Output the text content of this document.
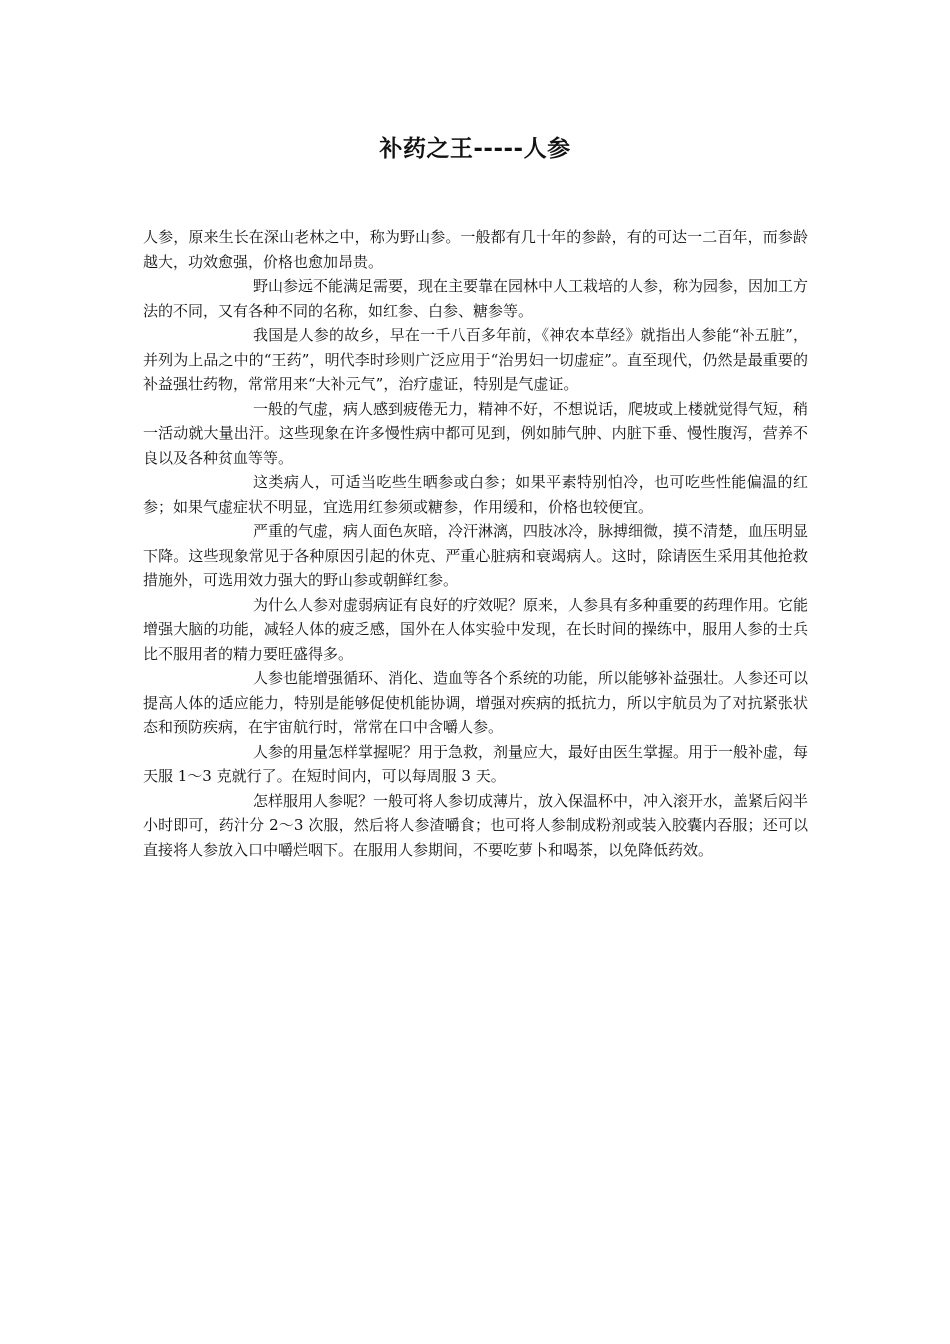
补药之王-----人参

人参，原来生长在深山老林之中，称为野山参。一般都有几十年的参龄，有的可达一二百年，而参龄越大，功效愈强，价格也愈加昂贵。

野山参远不能满足需要，现在主要靠在园林中人工栽培的人参，称为园参，因加工方法的不同，又有各种不同的名称，如红参、白参、糖参等。

我国是人参的故乡，早在一千八百多年前，《神农本草经》就指出人参能“补五脏”，并列为上品之中的“王药”，明代李时珍则广泛应用于“治男妇一切虚症”。直至现代，仍然是最重要的补益强壮药物，常常用来“大补元气”，治疗虚证，特别是气虚证。

一般的气虚，病人感到疲倦无力，精神不好，不想说话，爬坡或上楼就觉得气短，稍一活动就大量出汗。这些现象在许多慢性病中都可见到，例如肺气肿、内脏下垂、慢性腹泻，营养不良以及各种贫血等等。

这类病人，可适当吃些生晒参或白参；如果平素特别怕冷，也可吃些性能偏温的红参；如果气虚症状不明显，宜选用红参须或糖参，作用缓和，价格也较便宜。

严重的气虚，病人面色灰暗，冷汗淋漓，四肢冰冷，脉搏细微，摸不清楚，血压明显下降。这些现象常见于各种原因引起的休克、严重心脏病和衰竭病人。这时，除请医生采用其他抢救措施外，可选用效力强大的野山参或朝鲜红参。

为什么人参对虚弱病证有良好的疗效呢？原来，人参具有多种重要的药理作用。它能增强大脑的功能，减轻人体的疲乏感，国外在人体实验中发现，在长时间的操练中，服用人参的士兵比不服用者的精力要旺盛得多。

人参也能增强循环、消化、造血等各个系统的功能，所以能够补益强壮。人参还可以提高人体的适应能力，特别是能够促使机能协调，增强对疾病的抵抗力，所以宇航员为了对抗紧张状态和预防疾病，在宇宙航行时，常常在口中含嚼人参。

人参的用量怎样掌握呢？用于急救，剂量应大，最好由医生掌握。用于一般补虚，每天服 1～3 克就行了。在短时间内，可以每周服 3 天。

怎样服用人参呢？一般可将人参切成薄片，放入保温杯中，冲入滚开水，盖紧后闷半小时即可，药汁分 2～3 次服，然后将人参渣嚼食；也可将人参制成粉剂或装入胶囊内吞服；还可以直接将人参放入口中嚼烂咽下。在服用人参期间，不要吃萝卜和喝茶，以免降低药效。
